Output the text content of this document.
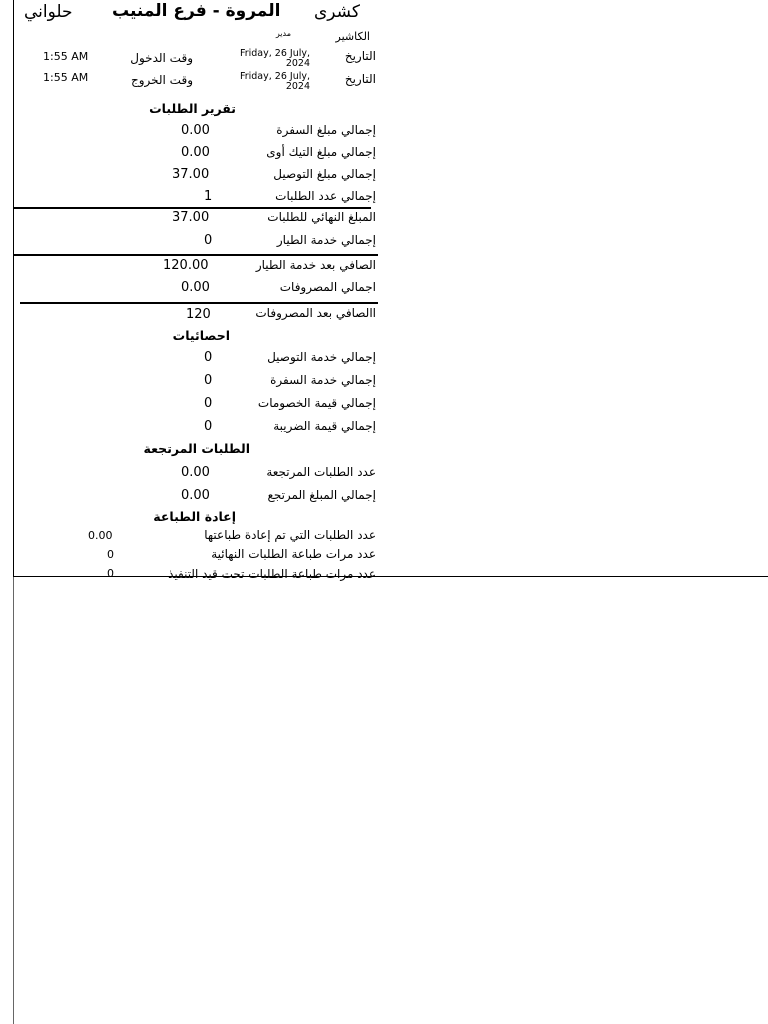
حلواني المروة - فرع المنيب كشرى
الكاشير
مدير
التاريخ
Friday, 26 July, 2024
وقت الدخول
1:55 AM
التاريخ
Friday, 26 July, 2024
وقت الخروج
1:55 AM
تقرير الطلبات
إجمالي مبلغ السفرة
0.00
إجمالي مبلغ التيك أوى
0.00
إجمالي مبلغ التوصيل
37.00
إجمالي عدد الطلبات
1
المبلغ النهائي للطلبات
37.00
إجمالي خدمة الطيار
0
الصافي بعد خدمة الطيار
120.00
اجمالي المصروفات
0.00
االصافي بعد المصروفات
120
احصائيات
إجمالي خدمة التوصيل
0
إجمالي خدمة السفرة
0
إجمالي قيمة الخصومات
0
إجمالي قيمة الضريبة
0
الطلبات المرتجعة
عدد الطلبات المرتجعة
0.00
إجمالي المبلغ المرتجع
0.00
إعادة الطباعة
عدد الطلبات التي تم إعادة طباعتها
0.00
عدد مرات طباعة الطلبات النهائية
0
عدد مرات طباعة الطلبات تحت قيد التنفيذ
0
